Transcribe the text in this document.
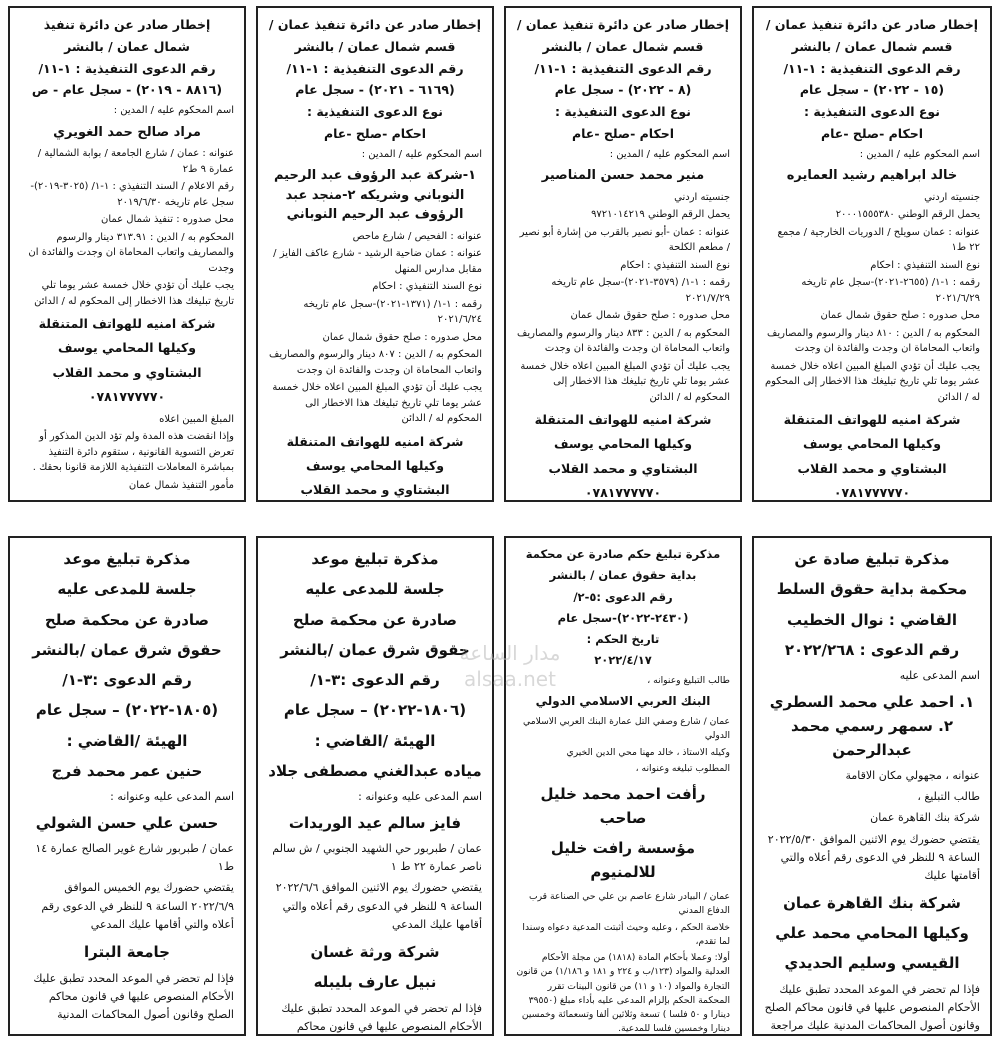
إخطار صادر عن دائرة تنفيذ
شمال عمان / بالنشر
رقم الدعوى التنفيذية : ١-١١/
(٨٨١٦ - ٢٠١٩) - سجل عام - ص
اسم المحكوم عليه / المدين :
مراد صالح حمد الغويري
عنوانه : عمان / شارع الجامعة / بوابة الشمالية / عمارة ٩ ط٢
رقم الاعلام / السند التنفيذي : ١-١/ (٣٠٢٥-٢٠١٩)-سجل عام تاريخه ٢٠١٩/٦/٣٠
محل صدوره : تنفيذ شمال عمان
المحكوم به / الدين : ٣١٣.٩١ دينار والرسوم والمصاريف واتعاب المحاماة ان وجدت والفائدة ان وجدت
يجب عليك أن تؤدي خلال خمسة عشر يوما تلي تاريخ تبليغك هذا الاخطار إلى المحكوم له / الدائن
شركة امنيه للهواتف المتنقلة
وكيلها المحامي يوسف
البشتاوي و محمد القلاب
٠٧٨١٧٧٧٧٧٠
المبلغ المبين اعلاه
وإذا انقضت هذه المدة ولم تؤد الدين المذكور أو تعرض التسوية القانونية ، ستقوم دائرة التنفيذ بمباشرة المعاملات التنفيذية اللازمة قانونا بحقك .
مأمور التنفيذ شمال عمان
إخطار صادر عن دائرة تنفيذ عمان /
قسم شمال عمان / بالنشر
رقم الدعوى التنفيذية : ١-١١/
(٦١٦٩ - ٢٠٢١) - سجل عام
نوع الدعوى التنفيذية :
احكام -صلح -عام
اسم المحكوم عليه / المدين :
١-شركة عبد الرؤوف عبد الرحيم النوباني وشريكه ٢-منجد عبد الرؤوف عبد الرحيم النوباني
عنوانه : الفحيص / شارع ماحص
عنوانه : عمان ضاحية الرشيد - شارع عاكف الفايز / مقابل مدارس المنهل
نوع السند التنفيذي : احكام
رقمه : ١-١/ (١٣٧١-٢٠٢١)-سجل عام تاريخه ٢٠٢١/٦/٢٤
محل صدوره : صلح حقوق شمال عمان
المحكوم به / الدين : ٨٠٧ دينار والرسوم والمصاريف واتعاب المحاماة ان وجدت والفائدة ان وجدت
يجب عليك أن تؤدي المبلغ المبين اعلاه خلال خمسة عشر يوما تلي تاريخ تبليغك هذا الاخطار الى المحكوم له / الدائن
شركة امنيه للهواتف المتنقلة
وكيلها المحامي يوسف
البشتاوي و محمد القلاب
إخطار صادر عن دائرة تنفيذ عمان /
قسم شمال عمان / بالنشر
رقم الدعوى التنفيذية : ١-١١/
(٨ - ٢٠٢٢) - سجل عام
نوع الدعوى التنفيذية :
احكام -صلح -عام
اسم المحكوم عليه / المدين :
منير محمد حسن المناصير
جنسيته اردني
يحمل الرقم الوطني ٩٧٢١٠١٤٢١٩
عنوانه : عمان -أبو نصير بالقرب من إشارة أبو نصير / مطعم الكلحة
نوع السند التنفيذي : احكام
رقمه : ١-١/ (٣٥٧٩-٢٠٢١)-سجل عام تاريخه ٢٠٢١/٧/٢٩
محل صدوره : صلح حقوق شمال عمان
المحكوم به / الدين : ٨٣٣ دينار والرسوم والمصاريف واتعاب المحاماة ان وجدت والفائدة ان وجدت
يجب عليك أن تؤدي المبلغ المبين اعلاه خلال خمسة عشر يوما تلي تاريخ تبليغك هذا الاخطار إلى المحكوم له / الدائن
شركة امنيه للهواتف المتنقلة
وكيلها المحامي يوسف
البشتاوي و محمد القلاب
٠٧٨١٧٧٧٧٧٠
إخطار صادر عن دائرة تنفيذ عمان /
قسم شمال عمان / بالنشر
رقم الدعوى التنفيذية : ١-١١/
(١٥ - ٢٠٢٢) - سجل عام
نوع الدعوى التنفيذية :
احكام -صلح -عام
اسم المحكوم عليه / المدين :
خالد ابراهيم رشيد العمايره
جنسيته اردني
يحمل الرقم الوطني ٢٠٠٠١٥٥٥٣٨٠
عنوانه : عمان سويلح / الدوريات الخارجية / مجمع ٢٢ ط١
نوع السند التنفيذي : احكام
رقمه : ١-١/ (٢٦٥٥-٢٠٢١)-سجل عام تاريخه ٢٠٢١/٦/٢٩
محل صدوره : صلح حقوق شمال عمان
المحكوم به / الدين : ٨١٠ دينار والرسوم والمصاريف واتعاب المحاماة ان وجدت والفائدة ان وجدت
يجب عليك أن تؤدي المبلغ المبين اعلاه خلال خمسة عشر يوما تلي تاريخ تبليغك هذا الاخطار إلى المحكوم له / الدائن
شركة امنيه للهواتف المتنقلة
وكيلها المحامي يوسف
البشتاوي و محمد القلاب
٠٧٨١٧٧٧٧٧٠
مذكرة تبليغ موعد
جلسة للمدعى عليه
صادرة عن محكمة صلح
حقوق شرق عمان /بالنشر
رقم الدعوى :٣-١/
(١٨٠٥-٢٠٢٢) – سجل عام
الهيئة /القاضي :
حنين عمر محمد فرج
اسم المدعى عليه وعنوانه :
حسن علي حسن الشولي
عمان / طبربور شارع غوير الصالح عمارة ١٤ ط١
يقتضي حضورك يوم الخميس الموافق ٢٠٢٢/٦/٩ الساعة ٩ للنظر في الدعوى رقم أعلاه والتي أقامها عليك المدعي
جامعة البترا
فإذا لم تحضر في الموعد المحدد تطبق عليك الأحكام المنصوص عليها في قانون محاكم الصلح وقانون أصول المحاكمات المدنية
مذكرة تبليغ موعد
جلسة للمدعى عليه
صادرة عن محكمة صلح
حقوق شرق عمان /بالنشر
رقم الدعوى :٣-١/
(١٨٠٦-٢٠٢٢) – سجل عام
الهيئة /القاضي :
مياده عبدالغني مصطفى جلاد
اسم المدعى عليه وعنوانه :
فايز سالم عيد الوريدات
عمان / طبربور حي الشهيد الجنوبي / ش سالم ناصر عمارة ٢٢ ط ١
يقتضي حضورك يوم الاثنين الموافق ٢٠٢٢/٦/٦ الساعة ٩ للنظر في الدعوى رقم أعلاه والتي أقامها عليك المدعي
شركة ورثة غسان
نبيل عارف بليبله
فإذا لم تحضر في الموعد المحدد تطبق عليك الأحكام المنصوص عليها في قانون محاكم
مذكرة تبليغ حكم صادرة عن محكمة
بداية حقوق عمان / بالنشر
رقم الدعوى :٥-٢/
(٢٤٣٠-٢٠٢٢)-سجل عام
تاريخ الحكم :
٢٠٢٢/٤/١٧
طالب التبليغ وعنوانه ،
البنك العربي الاسلامي الدولي
عمان / شارع وصفي التل عمارة البنك العربي الاسلامي الدولي
وكيله الاستاذ ، خالد مهنا محي الدين الخيري
المطلوب تبليغه وعنوانه ،
رأفت احمد محمد خليل صاحب
مؤسسة رافت خليل للالمنيوم
عمان / البيادر شارع عاصم بن علي حي الصناعة قرب الدفاع المدني
خلاصة الحكم ، وعليه وحيث أثبتت المدعية دعواه وسندا لما تقدم،
أولا: وعملا بأحكام المادة (١٨١٨) من مجلة الأحكام العدلية والمواد (١٢٣/ب و ٢٢٤ و ١٨١ و ١/١٨٦) من قانون التجارة والمواد (١٠ و ١١) من قانون البينات تقرر المحكمة الحكم بإلزام المدعى عليه بأداء مبلغ (٣٩٥٥٠ دينارا و ٥٠ فلسا ) تسعة وثلاثين ألفا وتسعمائة وخمسين دينارا وخمسين فلسا للمدعية.
مذكرة تبليغ صادة عن
محكمة بداية حقوق السلط
القاضي : نوال الخطيب
رقم الدعوى : ٢٠٢٢/٢٦٨
اسم المدعى عليه
١. احمد علي محمد السطري ٢. سمهر رسمي محمد عبدالرحمن
عنوانه ، مجهولي مكان الاقامة
طالب التبليغ ،
شركة بنك القاهرة عمان
يقتضي حضورك يوم الاثنين الموافق ٢٠٢٢/٥/٣٠ الساعة ٩ للنظر في الدعوى رقم أعلاه والتي أقامتها عليك
شركة بنك القاهرة عمان
وكيلها المحامي محمد علي
القيسي وسليم الحديدي
فإذا لم تحضر في الموعد المحدد تطبق عليك الأحكام المنصوص عليها في قانون محاكم الصلح وقانون أصول المحاكمات المدنية عليك مراجعة
مدار الساعة
alsaa.net
